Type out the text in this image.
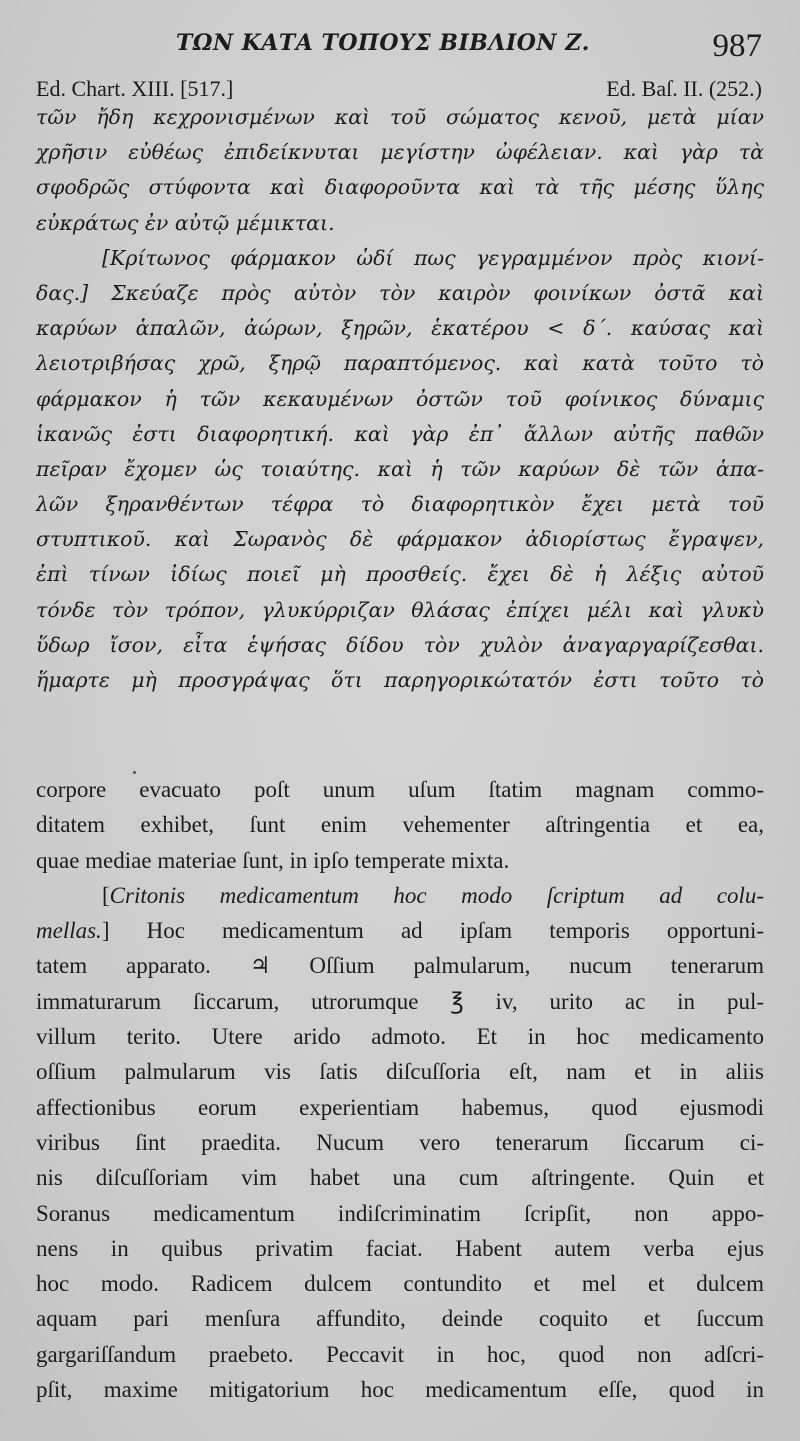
ΤΩΝ ΚΑΤΑ ΤΟΠΟΥΣ ΒΙΒΛΙΟΝ Ζ.	987
Ed. Chart. XIII. [517.]	Ed. Baſ. II. (252.)
τῶν ἤδη κεχρονισμένων καὶ τοῦ σώματος κενοῦ, μετὰ μίαν
χρῆσιν εὐθέως ἐπιδείκνυται μεγίστην ὠφέλειαν. καὶ γὰρ τὰ
σφοδρῶς στύφοντα καὶ διαφοροῦντα καὶ τὰ τῆς μέσης ὕλης
εὐκράτως ἐν αὐτῷ μέμικται.
[Κρίτωνος φάρμακον ὡδί πως γεγραμμένον πρὸς κιονί-
δας.] Σκεύαζε πρὸς αὐτὸν τὸν καιρὸν φοινίκων ὀστᾶ καὶ
καρύων ἁπαλῶν, ἀώρων, ξηρῶν, ἑκατέρου < δ΄. καύσας καὶ
λειοτριβήσας χρῶ, ξηρῷ παραπτόμενος. καὶ κατὰ τοῦτο τὸ
φάρμακον ἡ τῶν κεκαυμένων ὀστῶν τοῦ φοίνικος δύναμις
ἱκανῶς ἐστι διαφορητική. καὶ γὰρ ἐπ᾽ ἄλλων αὐτῆς παθῶν
πεῖραν ἔχομεν ὡς τοιαύτης. καὶ ἡ τῶν καρύων δὲ τῶν ἁπα-
λῶν ξηρανθέντων τέφρα τὸ διαφορητικὸν ἔχει μετὰ τοῦ
στυπτικοῦ. καὶ Σωρανὸς δὲ φάρμακον ἀδιορίστως ἔγραψεν,
ἐπὶ τίνων ἰδίως ποιεῖ μὴ προσθείς. ἔχει δὲ ἡ λέξις αὐτοῦ
τόνδε τὸν τρόπον, γλυκύρριζαν θλάσας ἐπίχει μέλι καὶ γλυκὺ
ὕδωρ ἴσον, εἶτα ἑψήσας δίδου τὸν χυλὸν ἀναγαργαρίζεσθαι.
ἥμαρτε μὴ προσγράψας ὅτι παρηγορικώτατόν ἐστι τοῦτο τὸ
corpore evacuato poſt unum uſum ſtatim magnam commo-
ditatem exhibet, ſunt enim vehementer aſtringentia et ea,
quae mediae materiae ſunt, in ipſo temperate mixta.
[Critonis medicamentum hoc modo ſcriptum ad colu-
mellas.] Hoc medicamentum ad ipſam temporis opportuni-
tatem apparato. ♃ Oſſium palmularum, nucum tenerarum
immaturarum ſiccarum, utrorumque ℥ iv, urito ac in pul-
villum terito. Utere arido admoto. Et in hoc medicamento
oſſium palmularum vis ſatis diſcuſſoria eſt, nam et in aliis
affectionibus eorum experientiam habemus, quod ejusmodi
viribus ſint praedita. Nucum vero tenerarum ſiccarum ci-
nis diſcuſſoriam vim habet una cum aſtringente. Quin et
Soranus medicamentum indiſcriminatim ſcripſit, non appo-
nens in quibus privatim faciat. Habent autem verba ejus
hoc modo. Radicem dulcem contundito et mel et dulcem
aquam pari menſura affundito, deinde coquito et ſuccum
gargariſſandum praebeto. Peccavit in hoc, quod non adſcri-
pſit, maxime mitigatorium hoc medicamentum eſſe, quod in
